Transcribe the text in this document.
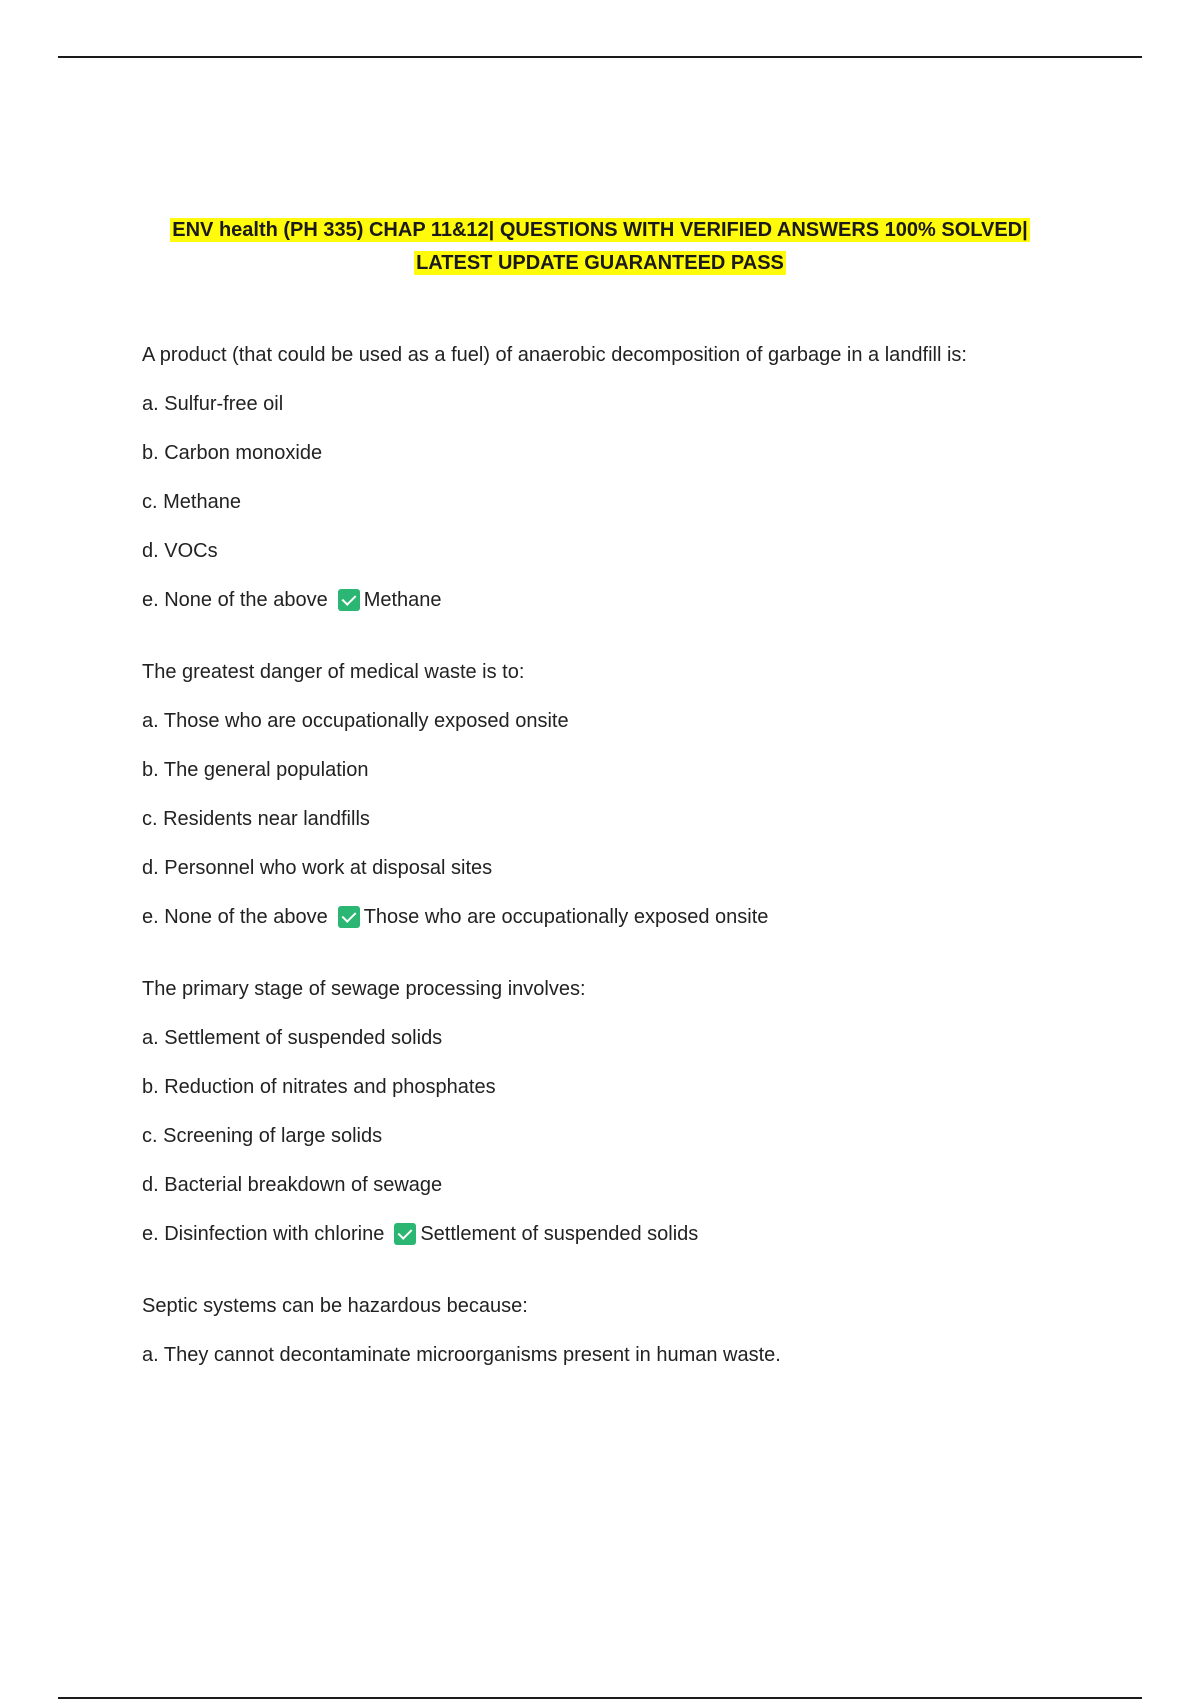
ENV health (PH 335) CHAP 11&12| QUESTIONS WITH VERIFIED ANSWERS 100% SOLVED|
LATEST UPDATE GUARANTEED PASS
A product (that could be used as a fuel) of anaerobic decomposition of garbage in a landfill is:
a. Sulfur-free oil
b. Carbon monoxide
c. Methane
d. VOCs
e. None of the above Methane
The greatest danger of medical waste is to:
a. Those who are occupationally exposed onsite
b. The general population
c. Residents near landfills
d. Personnel who work at disposal sites
e. None of the above Those who are occupationally exposed onsite
The primary stage of sewage processing involves:
a. Settlement of suspended solids
b. Reduction of nitrates and phosphates
c. Screening of large solids
d. Bacterial breakdown of sewage
e. Disinfection with chlorine Settlement of suspended solids
Septic systems can be hazardous because:
a. They cannot decontaminate microorganisms present in human waste.
